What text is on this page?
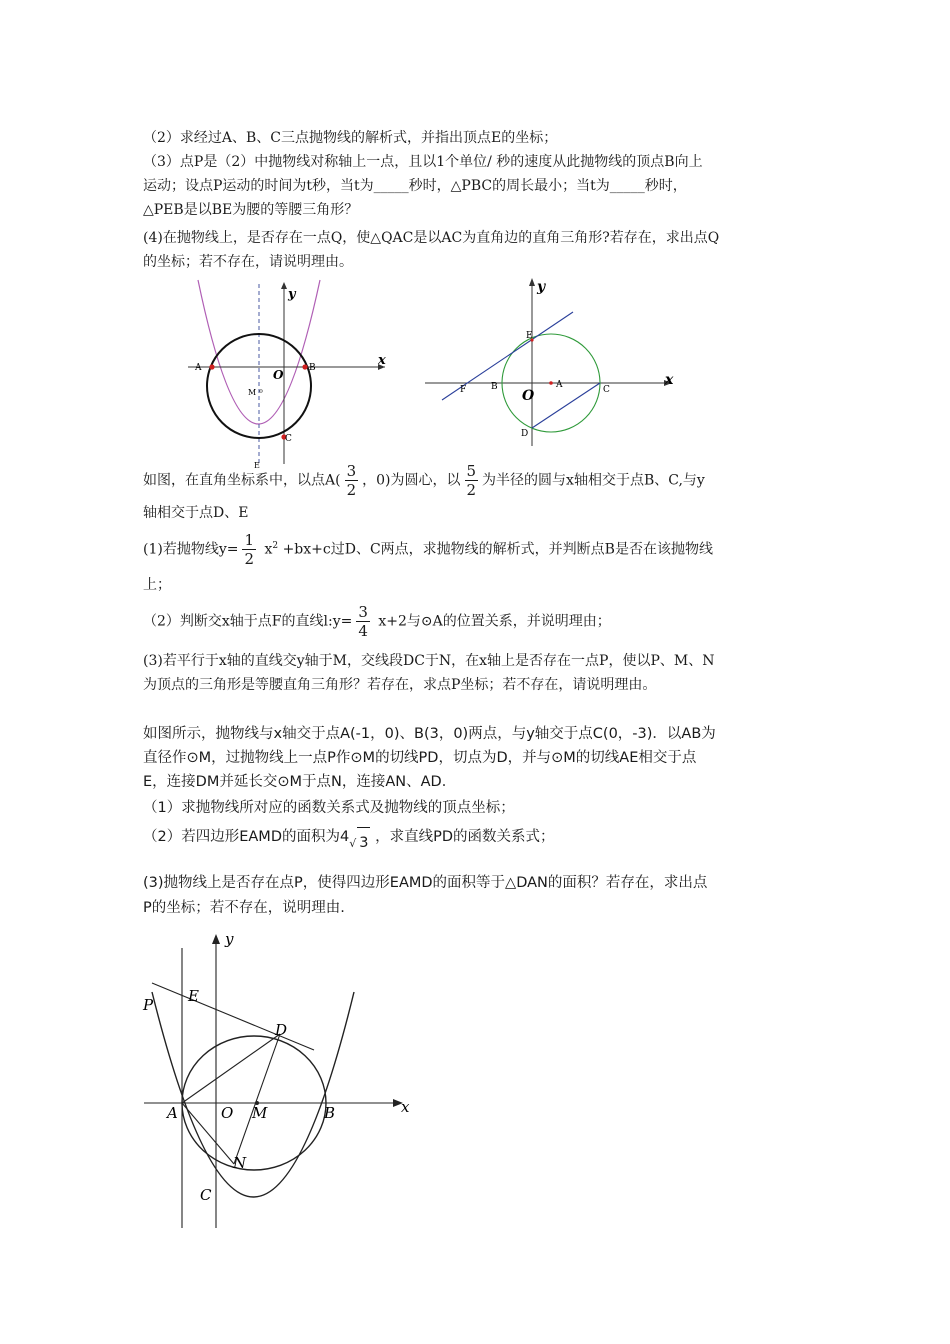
（2）求经过A、B、C三点抛物线的解析式，并指出顶点E的坐标；

（3）点P是（2）中抛物线对称轴上一点，且以1个单位/ 秒的速度从此抛物线的顶点B向上

运动；设点P运动的时间为t秒，当t为_____秒时，△PBC的周长最小；当t为_____秒时，

△PEB是以BE为腰的等腰三角形？

(4)在抛物线上，是否存在一点Q，使△QAC是以AC为直角边的直角三角形?若存在，求出点Q

的坐标；若不存在，请说明理由。

y
x
O
A	B
C
M
E
y
x
O
A
B	C
D
E
F

如图，在直角坐标系中，以点$A( \frac{3}{2}$ ，0)为圆心，以 $\frac{5}{2}$ 为半径的圆与x轴相交于点B、C,与y

轴相交于点D、E

(1)若抛物线$y= \frac{1}{2} x^2 +bx+c$过D、C两点，求抛物线的解析式，并判断点B是否在该抛物线

上；

（2）判断交x轴于点F的直线l:y= $\frac{3}{4} x+2$与⊙A的位置关系，并说明理由；

(3)若平行于x轴的直线交y轴于M，交线段DC于N，在x轴上是否存在一点P，使以P、M、N

为顶点的三角形是等腰直角三角形？若存在，求点P坐标；若不存在，请说明理由。

如图所示，抛物线与x轴交于点A(-1，0)、B(3，0)两点，与y轴交于点C(0，-3)．以AB为

直径作⊙M，过抛物线上一点P作⊙M的切线PD，切点为D，并与⊙M的切线AE相交于点

E，连接DM并延长交⊙M于点N，连接AN、AD．

（1）求抛物线所对应的函数关系式及抛物线的顶点坐标；

（2）若四边形EAMD的面积为$4_√$ 3 ，求直线PD的函数关系式；

(3)抛物线上是否存在点P，使得四边形EAMD的面积等于△DAN的面积？若存在，求出点

P的坐标；若不存在，说明理由.

y
x
P E
D
A	O M	B
N
C
